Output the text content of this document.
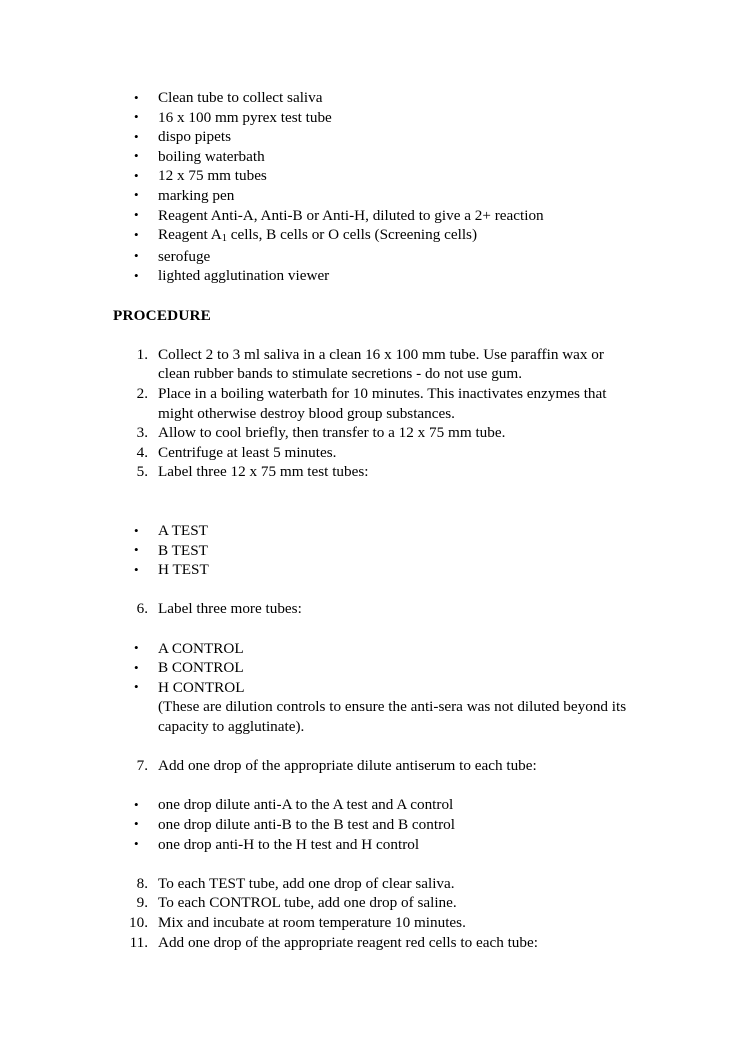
• Clean tube to collect saliva
• 16 x 100 mm pyrex test tube
• dispo pipets
• boiling waterbath
• 12 x 75 mm tubes
• marking pen
• Reagent Anti-A, Anti-B or Anti-H, diluted to give a 2+ reaction
• Reagent $A_1$ cells, B cells or O cells (Screening cells)
• serofuge
• lighted agglutination viewer
PROCEDURE
1. Collect 2 to 3 ml saliva in a clean 16 x 100 mm tube. Use paraffin wax or clean rubber bands to stimulate secretions - do not use gum.
2. Place in a boiling waterbath for 10 minutes. This inactivates enzymes that might otherwise destroy blood group substances.
3. Allow to cool briefly, then transfer to a 12 x 75 mm tube.
4. Centrifuge at least 5 minutes.
5. Label three 12 x 75 mm test tubes:
• A TEST
• B TEST
• H TEST
6. Label three more tubes:
• A CONTROL
• B CONTROL
• H CONTROL
(These are dilution controls to ensure the anti-sera was not diluted beyond its capacity to agglutinate).
7. Add one drop of the appropriate dilute antiserum to each tube:
• one drop dilute anti-A to the A test and A control
• one drop dilute anti-B to the B test and B control
• one drop anti-H to the H test and H control
8. To each TEST tube, add one drop of clear saliva.
9. To each CONTROL tube, add one drop of saline.
10. Mix and incubate at room temperature 10 minutes.
11. Add one drop of the appropriate reagent red cells to each tube:
